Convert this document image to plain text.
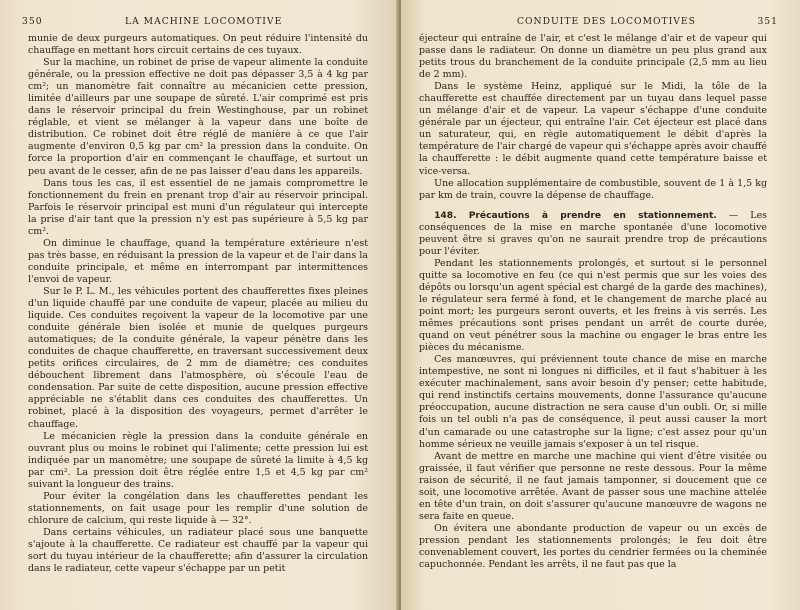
350	LA MACHINE LOCOMOTIVE

munie de deux purgeurs automatiques. On peut réduire l'intensité du chauffage en mettant hors circuit certains de ces tuyaux.

Sur la machine, un robinet de prise de vapeur alimente la conduite générale, ou la pression effective ne doit pas dépasser 3,5 à 4 kg par cm²; un manomètre fait connaître au mécanicien cette pression, limitée d'ailleurs par une soupape de sûreté. L'air comprimé est pris dans le réservoir principal du frein Westinghouse, par un robinet réglable, et vient se mélanger à la vapeur dans une boîte de distribution. Ce robinet doit être réglé de manière à ce que l'air augmente d'environ 0,5 kg par cm² la pression dans la conduite. On force la proportion d'air en commençant le chauffage, et surtout un peu avant de le cesser, afin de ne pas laisser d'eau dans les appareils.

Dans tous les cas, il est essentiel de ne jamais compromettre le fonctionnement du frein en prenant trop d'air au réservoir principal. Parfois le réservoir principal est muni d'un régulateur qui intercepte la prise d'air tant que la pression n'y est pas supérieure à 5,5 kg par cm².

On diminue le chauffage, quand la température extérieure n'est pas très basse, en réduisant la pression de la vapeur et de l'air dans la conduite principale, et même en interrompant par intermittences l'envoi de vapeur.

Sur le P. L. M., les véhicules portent des chaufferettes fixes pleines d'un liquide chauffé par une conduite de vapeur, placée au milieu du liquide. Ces conduites reçoivent la vapeur de la locomotive par une conduite générale bien isolée et munie de quelques purgeurs automatiques; de la conduite générale, la vapeur pénètre dans les conduites de chaque chaufferette, en traversant successivement deux petits orifices circulaires, de 2 mm de diamètre; ces conduites débouchent librement dans l'atmosphère, où s'écoule l'eau de condensation. Par suite de cette disposition, aucune pression effective appréciable ne s'établit dans ces conduites des chaufferettes. Un robinet, placé à la disposition des voyageurs, permet d'arrêter le chauffage.

Le mécanicien règle la pression dans la conduite générale en ouvrant plus ou moins le robinet qui l'alimente; cette pression lui est indiquée par un manomètre; une soupape de sûreté la limite à 4,5 kg par cm². La pression doit être réglée entre 1,5 et 4,5 kg par cm² suivant la longueur des trains.

Pour éviter la congélation dans les chaufferettes pendant les stationnements, on fait usage pour les remplir d'une solution de chlorure de calcium, qui reste liquide à — 32°.

Dans certains véhicules, un radiateur placé sous une banquette s'ajoute à la chaufferette. Ce radiateur est chauffé par la vapeur qui sort du tuyau intérieur de la chaufferette; afin d'assurer la circulation dans le radiateur, cette vapeur s'échappe par un petit

CONDUITE DES LOCOMOTIVES	351

éjecteur qui entraîne de l'air, et c'est le mélange d'air et de vapeur qui passe dans le radiateur. On donne un diamètre un peu plus grand aux petits trous du branchement de la conduite principale (2,5 mm au lieu de 2 mm).

Dans le système Heinz, appliqué sur le Midi, la tôle de la chaufferette est chauffée directement par un tuyau dans lequel passe un mélange d'air et de vapeur. La vapeur s'échappe d'une conduite générale par un éjecteur, qui entraîne l'air. Cet éjecteur est placé dans un saturateur, qui, en règle automatiquement le débit d'après la température de l'air chargé de vapeur qui s'échappe après avoir chauffé la chaufferette : le débit augmente quand cette température baisse et vice-versa.

Une allocation supplémentaire de combustible, souvent de 1 à 1,5 kg par km de train, couvre la dépense de chauffage.

148. Précautions à prendre en stationnement. — Les conséquences de la mise en marche spontanée d'une locomotive peuvent être si graves qu'on ne saurait prendre trop de précautions pour l'éviter.

Pendant les stationnements prolongés, et surtout si le personnel quitte sa locomotive en feu (ce qui n'est permis que sur les voies des dépôts ou lorsqu'un agent spécial est chargé de la garde des machines), le régulateur sera fermé à fond, et le changement de marche placé au point mort; les purgeurs seront ouverts, et les freins à vis serrés. Les mêmes précautions sont prises pendant un arrêt de courte durée, quand on veut pénétrer sous la machine ou engager le bras entre les pièces du mécanisme.

Ces manœuvres, qui préviennent toute chance de mise en marche intempestive, ne sont ni longues ni difficiles, et il faut s'habituer à les exécuter machinalement, sans avoir besoin d'y penser; cette habitude, qui rend instinctifs certains mouvements, donne l'assurance qu'aucune préoccupation, aucune distraction ne sera cause d'un oubli. Or, si mille fois un tel oubli n'a pas de conséquence, il peut aussi causer la mort d'un camarade ou une catastrophe sur la ligne; c'est assez pour qu'un homme sérieux ne veuille jamais s'exposer à un tel risque.

Avant de mettre en marche une machine qui vient d'être visitée ou graissée, il faut vérifier que personne ne reste dessous. Pour la même raison de sécurité, il ne faut jamais tamponner, si doucement que ce soit, une locomotive arrêtée. Avant de passer sous une machine attelée en tête d'un train, on doit s'assurer qu'aucune manœuvre de wagons ne sera faite en queue.

On évitera une abondante production de vapeur ou un excès de pression pendant les stationnements prolongés; le feu doit être convenablement couvert, les portes du cendrier fermées ou la cheminée capuchonnée. Pendant les arrêts, il ne faut pas que la
